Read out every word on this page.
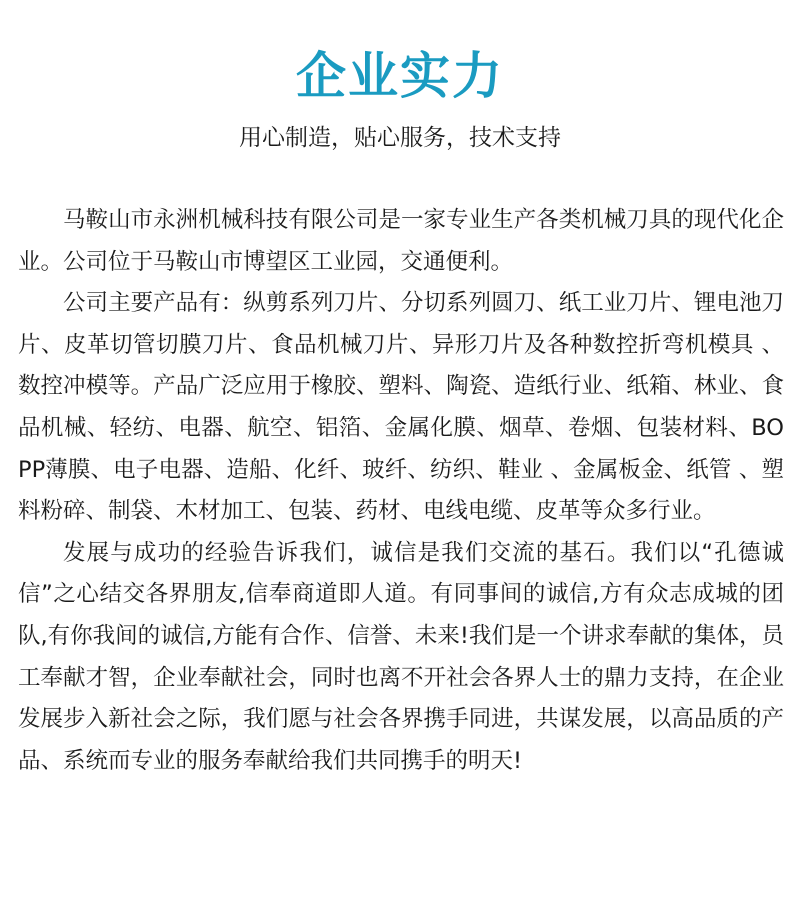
企业实力
用心制造，贴心服务，技术支持

马鞍山市永洲机械科技有限公司是一家专业生产各类机械刀具的现代化企业。公司位于马鞍山市博望区工业园，交通便利。

公司主要产品有：纵剪系列刀片、分切系列圆刀、纸工业刀片、锂电池刀片、皮革切管切膜刀片、食品机械刀片、异形刀片及各种数控折弯机模具 、数控冲模等。产品广泛应用于橡胶、塑料、陶瓷、造纸行业、纸箱、林业、食品机械、轻纺、电器、航空、铝箔、金属化膜、烟草、卷烟、包装材料、BOPP薄膜、电子电器、造船、化纤、玻纤、纺织、鞋业 、金属板金、纸管 、塑料粉碎、制袋、木材加工、包装、药材、电线电缆、皮革等众多行业。

发展与成功的经验告诉我们，诚信是我们交流的基石。我们以“孔德诚信”之心结交各界朋友,信奉商道即人道。有同事间的诚信,方有众志成城的团队,有你我间的诚信,方能有合作、信誉、未来!我们是一个讲求奉献的集体，员工奉献才智，企业奉献社会，同时也离不开社会各界人士的鼎力支持，在企业发展步入新社会之际，我们愿与社会各界携手同进，共谋发展，以高品质的产品、系统而专业的服务奉献给我们共同携手的明天!
